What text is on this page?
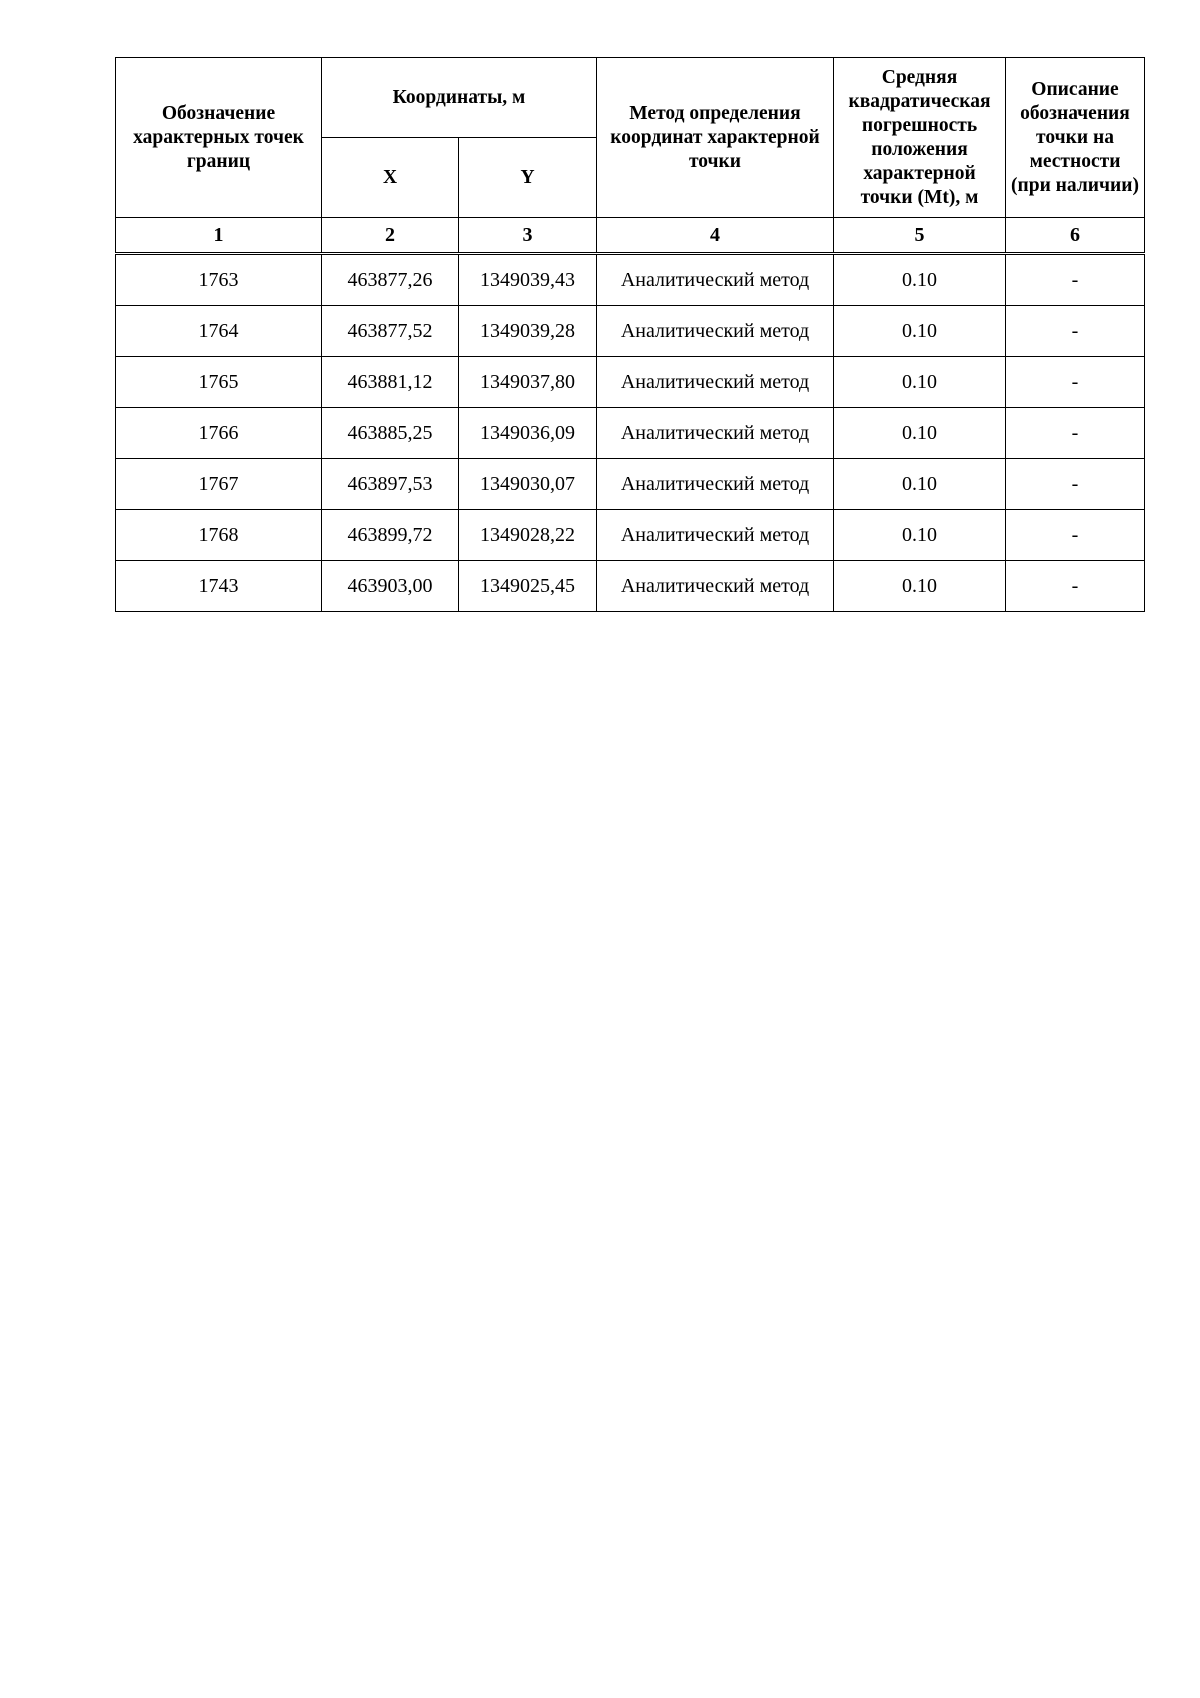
Обозначение характерных точек границ	Координаты, м		Метод определения координат характерной точки	Средняя квадратическая погрешность положения характерной точки (Mt), м	Описание обозначения точки на местности (при наличии)
	X	Y			
1	2	3	4	5	6
1763	463877,26	1349039,43	Аналитический метод	0.10	-
1764	463877,52	1349039,28	Аналитический метод	0.10	-
1765	463881,12	1349037,80	Аналитический метод	0.10	-
1766	463885,25	1349036,09	Аналитический метод	0.10	-
1767	463897,53	1349030,07	Аналитический метод	0.10	-
1768	463899,72	1349028,22	Аналитический метод	0.10	-
1743	463903,00	1349025,45	Аналитический метод	0.10	-
